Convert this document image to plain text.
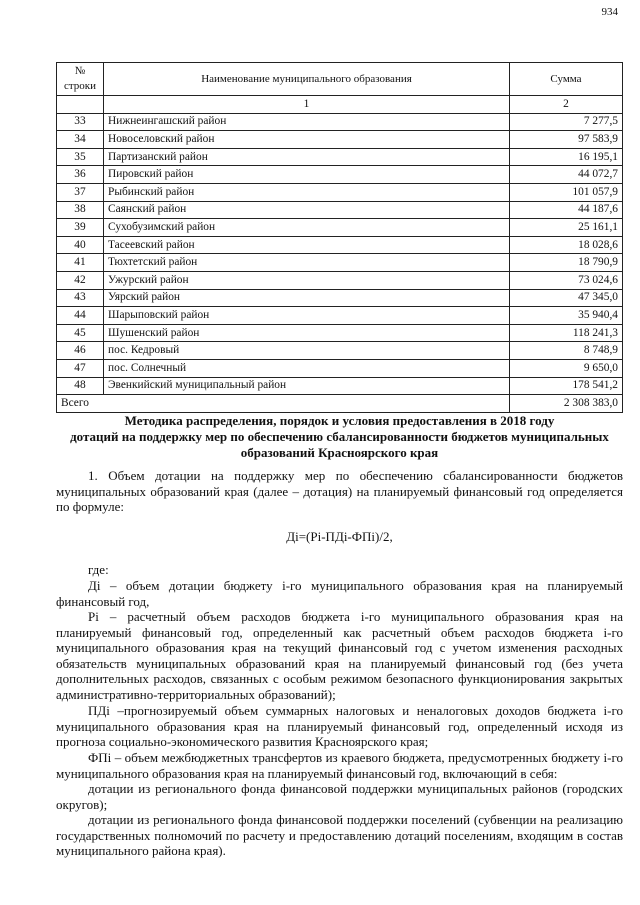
934
№ строки	Наименование муниципального образования	Сумма
	1	2
33	Нижнеингашский район	7 277,5
34	Новоселовский район	97 583,9
35	Партизанский район	16 195,1
36	Пировский район	44 072,7
37	Рыбинский район	101 057,9
38	Саянский район	44 187,6
39	Сухобузимский район	25 161,1
40	Тасеевский район	18 028,6
41	Тюхтетский район	18 790,9
42	Ужурский район	73 024,6
43	Уярский район	47 345,0
44	Шарыповский район	35 940,4
45	Шушенский район	118 241,3
46	пос. Кедровый	8 748,9
47	пос. Солнечный	9 650,0
48	Эвенкийский муниципальный район	178 541,2
Всего		2 308 383,0
Методика распределения, порядок и условия предоставления в 2018 году
дотаций на поддержку мер по обеспечению сбалансированности бюджетов муниципальных
образований Красноярского края
1. Объем дотации на поддержку мер по обеспечению сбалансированности бюджетов муниципальных образований края (далее – дотация) на планируемый финансовый год определяется по формуле:
Дi=(Pi-ПДi-ФПi)/2,
где:
Дi – объем дотации бюджету i-го муниципального образования края на планируемый финансовый год,
Pi – расчетный объем расходов бюджета i-го муниципального образования края на планируемый финансовый год, определенный как расчетный объем расходов бюджета i-го муниципального образования края на текущий финансовый год с учетом изменения расходных обязательств муниципальных образований края на планируемый финансовый год (без учета дополнительных расходов, связанных с особым режимом безопасного функционирования закрытых административно-территориальных образований);
ПДi –прогнозируемый объем суммарных налоговых и неналоговых доходов бюджета i-го муниципального образования края на планируемый финансовый год, определенный исходя из прогноза социально-экономического развития Красноярского края;
ФПi – объем межбюджетных трансфертов из краевого бюджета, предусмотренных бюджету i-го муниципального образования края на планируемый финансовый год, включающий в себя:
дотации из регионального фонда финансовой поддержки муниципальных районов (городских округов);
дотации из регионального фонда финансовой поддержки поселений (субвенции на реализацию государственных полномочий по расчету и предоставлению дотаций поселениям, входящим в состав муниципального района края).
